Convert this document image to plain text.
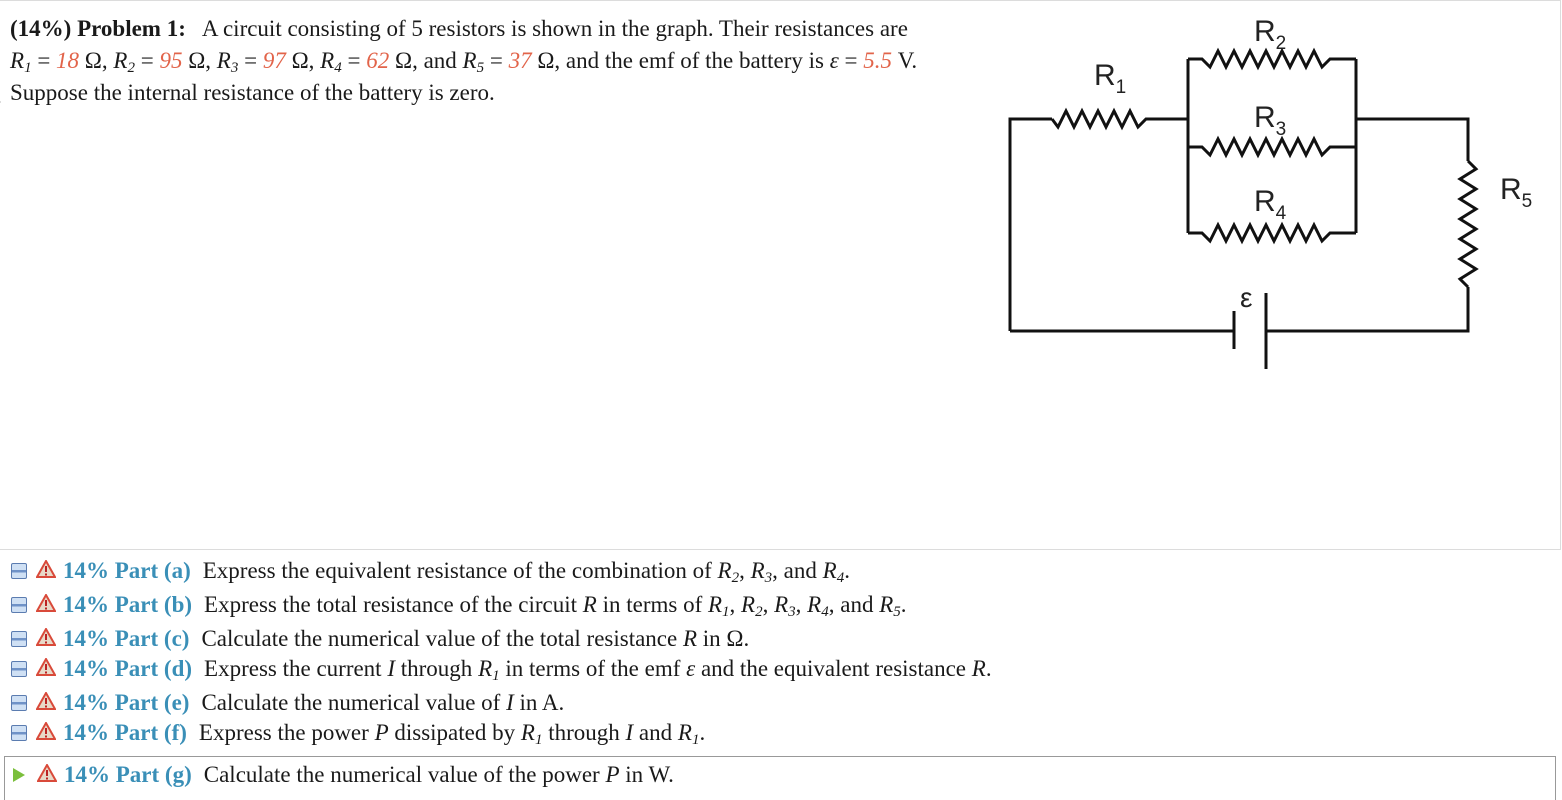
(14%) Problem 1: A circuit consisting of 5 resistors is shown in the graph. Their resistances are
$R_1 = 18$ Ω, $R_2 = 95$ Ω, $R_3 = 97$ Ω, $R_4 = 62$ Ω, and $R_5 = 37$ Ω, and the emf of the battery is ε = 5.5 V.
Suppose the internal resistance of the battery is zero.
$R_1$
$R_2$
$R_3$
$R_4$
$R_5$
ε
14% Part (a) Express the equivalent resistance of the combination of $R_2$, $R_3$, and $R_4$.
14% Part (b) Express the total resistance of the circuit R in terms of $R_1$, $R_2$, $R_3$, $R_4$, and $R_5$.
14% Part (c) Calculate the numerical value of the total resistance R in Ω.
14% Part (d) Express the current I through $R_1$ in terms of the emf ε and the equivalent resistance R.
14% Part (e) Calculate the numerical value of I in A.
14% Part (f) Express the power P dissipated by $R_1$ through I and $R_1$.
14% Part (g) Calculate the numerical value of the power P in W.
